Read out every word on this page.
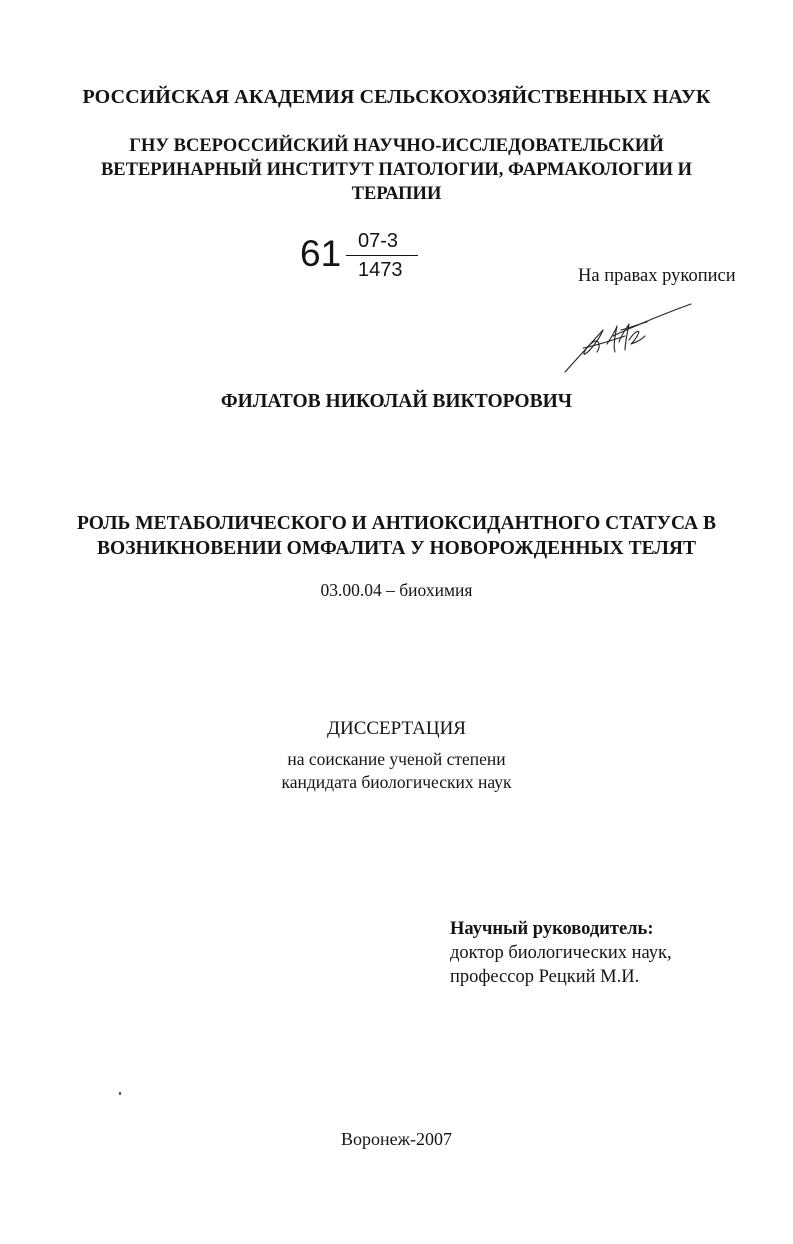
РОССИЙСКАЯ АКАДЕМИЯ СЕЛЬСКОХОЗЯЙСТВЕННЫХ НАУК
ГНУ ВСЕРОССИЙСКИЙ НАУЧНО-ИССЛЕДОВАТЕЛЬСКИЙ
ВЕТЕРИНАРНЫЙ ИНСТИТУТ ПАТОЛОГИИ, ФАРМАКОЛОГИИ И
ТЕРАПИИ
61 07-3
1473	На правах рукописи
ФИЛАТОВ НИКОЛАЙ ВИКТОРОВИЧ
РОЛЬ МЕТАБОЛИЧЕСКОГО И АНТИОКСИДАНТНОГО СТАТУСА В
ВОЗНИКНОВЕНИИ ОМФАЛИТА У НОВОРОЖДЕННЫХ ТЕЛЯТ
03.00.04 – биохимия
ДИССЕРТАЦИЯ
на соискание ученой степени
кандидата биологических наук
Научный руководитель:
доктор биологических наук,
профессор Рецкий М.И.
Воронеж-2007
